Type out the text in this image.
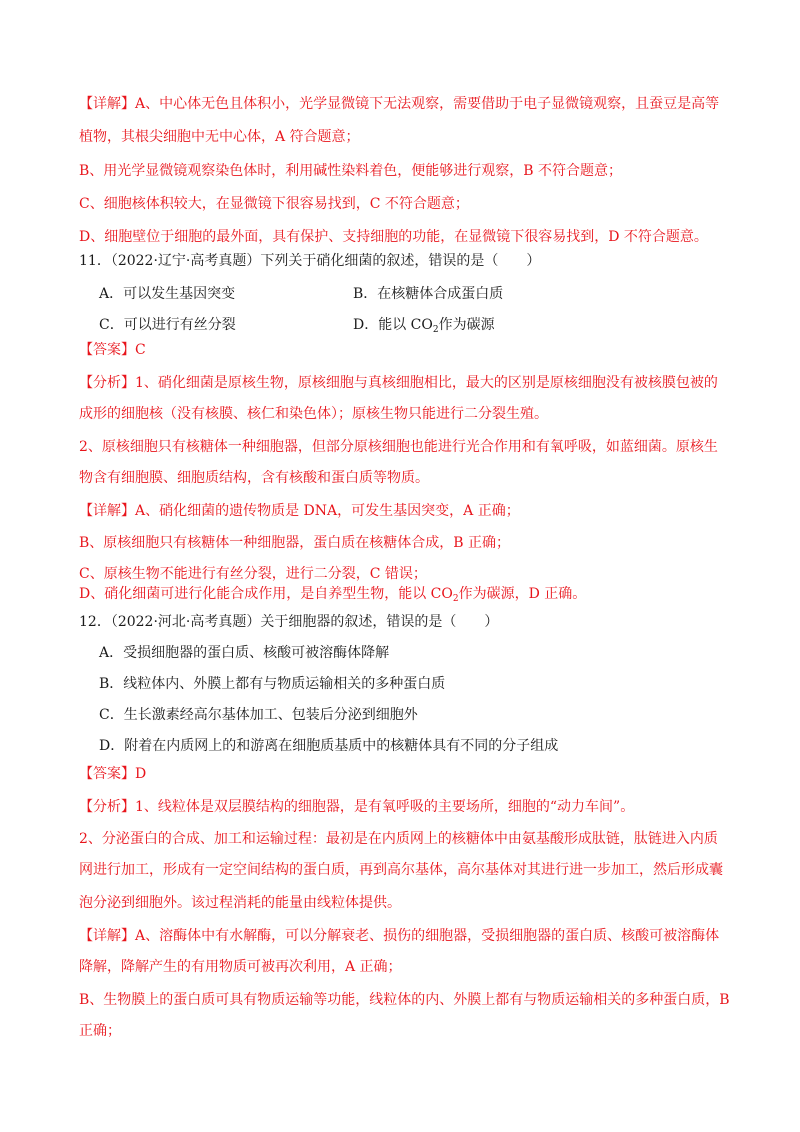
【详解】A、中心体无色且体积小，光学显微镜下无法观察，需要借助于电子显微镜观察，且蚕豆是高等
植物，其根尖细胞中无中心体，A 符合题意；
B、用光学显微镜观察染色体时，利用碱性染料着色，便能够进行观察，B 不符合题意；
C、细胞核体积较大，在显微镜下很容易找到，C 不符合题意；
D、细胞壁位于细胞的最外面，具有保护、支持细胞的功能，在显微镜下很容易找到，D 不符合题意。
11．（2022·辽宁·高考真题）下列关于硝化细菌的叙述，错误的是（　　）
A．可以发生基因突变	B．在核糖体合成蛋白质
C．可以进行有丝分裂	D．能以 $CO_2$作为碳源
【答案】C
【分析】1、硝化细菌是原核生物，原核细胞与真核细胞相比，最大的区别是原核细胞没有被核膜包被的
成形的细胞核（没有核膜、核仁和染色体）；原核生物只能进行二分裂生殖。
2、原核细胞只有核糖体一种细胞器，但部分原核细胞也能进行光合作用和有氧呼吸，如蓝细菌。原核生
物含有细胞膜、细胞质结构，含有核酸和蛋白质等物质。
【详解】A、硝化细菌的遗传物质是 DNA，可发生基因突变，A 正确；
B、原核细胞只有核糖体一种细胞器，蛋白质在核糖体合成，B 正确；
C、原核生物不能进行有丝分裂，进行二分裂，C 错误；
D、硝化细菌可进行化能合成作用，是自养型生物，能以 $CO_2$作为碳源，D 正确。
12．（2022·河北·高考真题）关于细胞器的叙述，错误的是（　　）
A．受损细胞器的蛋白质、核酸可被溶酶体降解
B．线粒体内、外膜上都有与物质运输相关的多种蛋白质
C．生长激素经高尔基体加工、包装后分泌到细胞外
D．附着在内质网上的和游离在细胞质基质中的核糖体具有不同的分子组成
【答案】D
【分析】1、线粒体是双层膜结构的细胞器，是有氧呼吸的主要场所，细胞的“动力车间”。
2、分泌蛋白的合成、加工和运输过程：最初是在内质网上的核糖体中由氨基酸形成肽链，肽链进入内质
网进行加工，形成有一定空间结构的蛋白质，再到高尔基体，高尔基体对其进行进一步加工，然后形成囊
泡分泌到细胞外。该过程消耗的能量由线粒体提供。
【详解】A、溶酶体中有水解酶，可以分解衰老、损伤的细胞器，受损细胞器的蛋白质、核酸可被溶酶体
降解，降解产生的有用物质可被再次利用，A 正确；
B、生物膜上的蛋白质可具有物质运输等功能，线粒体的内、外膜上都有与物质运输相关的多种蛋白质，B
正确；
